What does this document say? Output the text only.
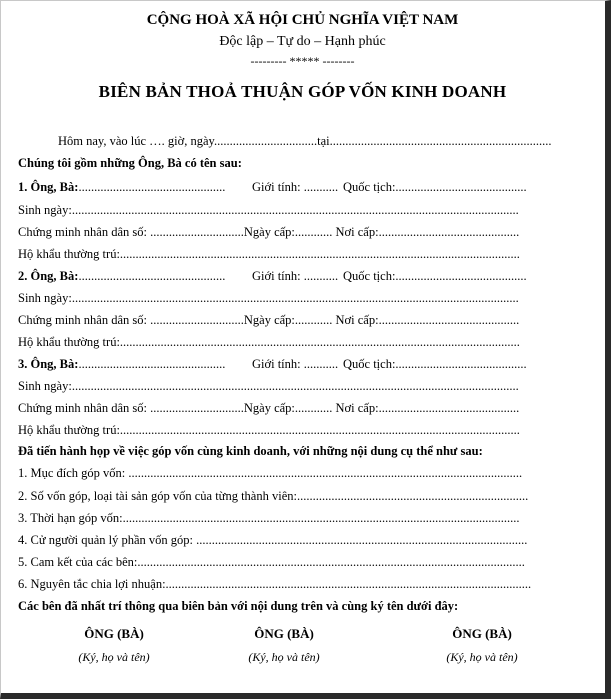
CỘNG HOÀ XÃ HỘI CHỦ NGHĨA VIỆT NAM
Độc lập – Tự do – Hạnh phúc
--------- ***** --------
BIÊN BẢN THOẢ THUẬN GÓP VỐN KINH DOANH
Hôm nay, vào lúc …. giờ, ngày.................................tại.......................................................................
Chúng tôi gồm những Ông, Bà có tên sau:
1. Ông, Bà:............................................... Giới tính: ........... Quốc tịch:..........................................
Sinh ngày:...............................................................................................................................................
Chứng minh nhân dân số: ..............................Ngày cấp:............ Nơi cấp:.............................................
Hộ khẩu thường trú:................................................................................................................................
2. Ông, Bà:............................................... Giới tính: ........... Quốc tịch:..........................................
Sinh ngày:...............................................................................................................................................
Chứng minh nhân dân số: ..............................Ngày cấp:............ Nơi cấp:.............................................
Hộ khẩu thường trú:................................................................................................................................
3. Ông, Bà:............................................... Giới tính: ........... Quốc tịch:..........................................
Sinh ngày:...............................................................................................................................................
Chứng minh nhân dân số: ..............................Ngày cấp:............ Nơi cấp:.............................................
Hộ khẩu thường trú:................................................................................................................................
Đã tiến hành họp về việc góp vốn cùng kinh doanh, với những nội dung cụ thể như sau:
1. Mục đích góp vốn: ..............................................................................................................................
2. Số vốn góp, loại tài sản góp vốn của từng thành viên:..........................................................................
3. Thời hạn góp vốn:...............................................................................................................................
4. Cử người quản lý phần vốn góp: ..........................................................................................................
5. Cam kết của các bên:............................................................................................................................
6. Nguyên tắc chia lợi nhuận:.....................................................................................................................
Các bên đã nhất trí thông qua biên bản với nội dung trên và cùng ký tên dưới đây:
ÔNG (BÀ)
(Ký, họ và tên)
ÔNG (BÀ)
(Ký, họ và tên)
ÔNG (BÀ)
(Ký, họ và tên)
